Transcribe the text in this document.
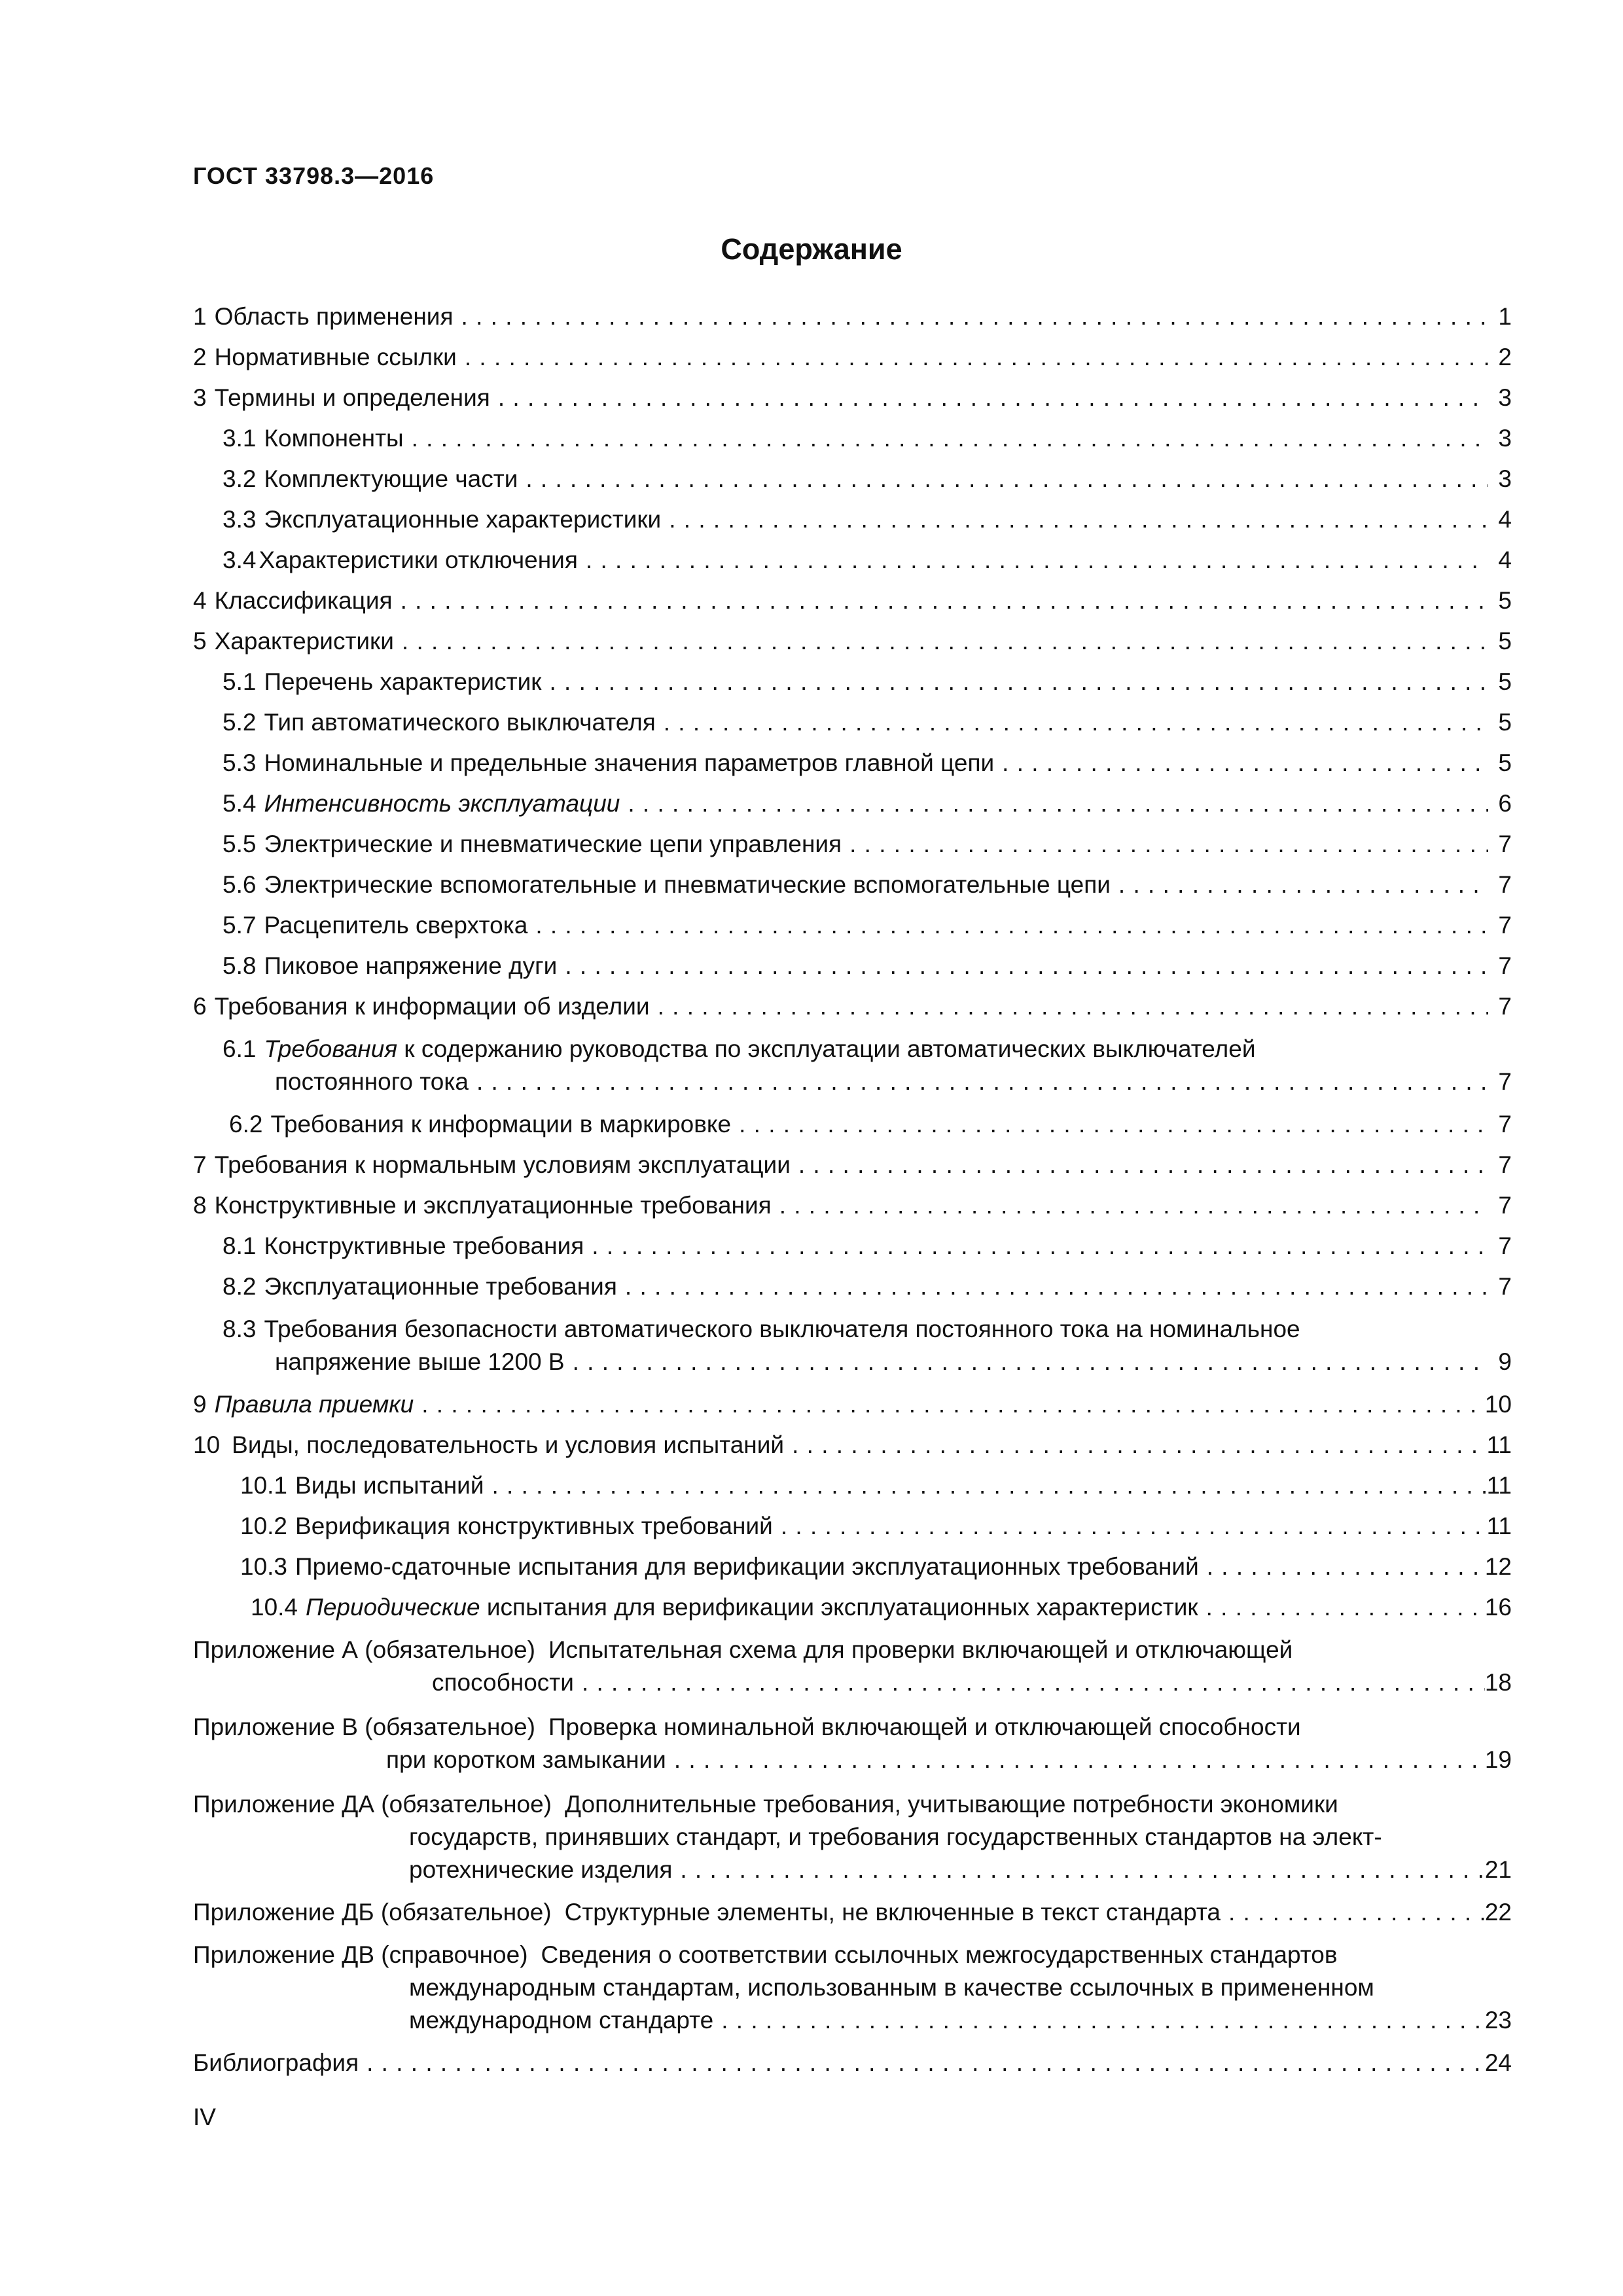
ГОСТ 33798.3—2016
Содержание
1 Область применения . . .	1
2 Нормативные ссылки . . .	2
3 Термины и определения . . .	3
3.1 Компоненты . . .	3
3.2 Комплектующие части . . .	3
3.3 Эксплуатационные характеристики . . .	4
3.4 Характеристики отключения . . .	4
4 Классификация . . .	5
5 Характеристики . . .	5
5.1 Перечень характеристик . . .	5
5.2 Тип автоматического выключателя . . .	5
5.3 Номинальные и предельные значения параметров главной цепи . . .	5
5.4 Интенсивность эксплуатации . . .	6
5.5 Электрические и пневматические цепи управления . . .	7
5.6 Электрические вспомогательные и пневматические вспомогательные цепи . . .	7
5.7 Расцепитель сверхтока . . .	7
5.8 Пиковое напряжение дуги . . .	7
6 Требования к информации об изделии . . .	7
6.1 Требования к содержанию руководства по эксплуатации автоматических выключателей
постоянного тока . . .	7
6.2 Требования к информации в маркировке . . .	7
7 Требования к нормальным условиям эксплуатации . . .	7
8 Конструктивные и эксплуатационные требования . . .	7
8.1 Конструктивные требования . . .	7
8.2 Эксплуатационные требования . . .	7
8.3 Требования безопасности автоматического выключателя постоянного тока на номинальное
напряжение выше 1200 В . . .	9
9 Правила приемки . . .	10
10 Виды, последовательность и условия испытаний . . .	11
10.1 Виды испытаний . . .	11
10.2 Верификация конструктивных требований . . .	11
10.3 Приемо-сдаточные испытания для верификации эксплуатационных требований . . .	12
10.4 Периодические испытания для верификации эксплуатационных характеристик . . .	16
Приложение А (обязательное) Испытательная схема для проверки включающей и отключающей
способности . . .	18
Приложение В (обязательное) Проверка номинальной включающей и отключающей способности
при коротком замыкании . . .	19
Приложение ДА (обязательное) Дополнительные требования, учитывающие потребности экономики
государств, принявших стандарт, и требования государственных стандартов на элект-
ротехнические изделия . . .	21
Приложение ДБ (обязательное) Структурные элементы, не включенные в текст стандарта . . .	22
Приложение ДВ (справочное) Сведения о соответствии ссылочных межгосударственных стандартов
международным стандартам, использованным в качестве ссылочных в примененном
международном стандарте . . .	23
Библиография . . .	24
IV
